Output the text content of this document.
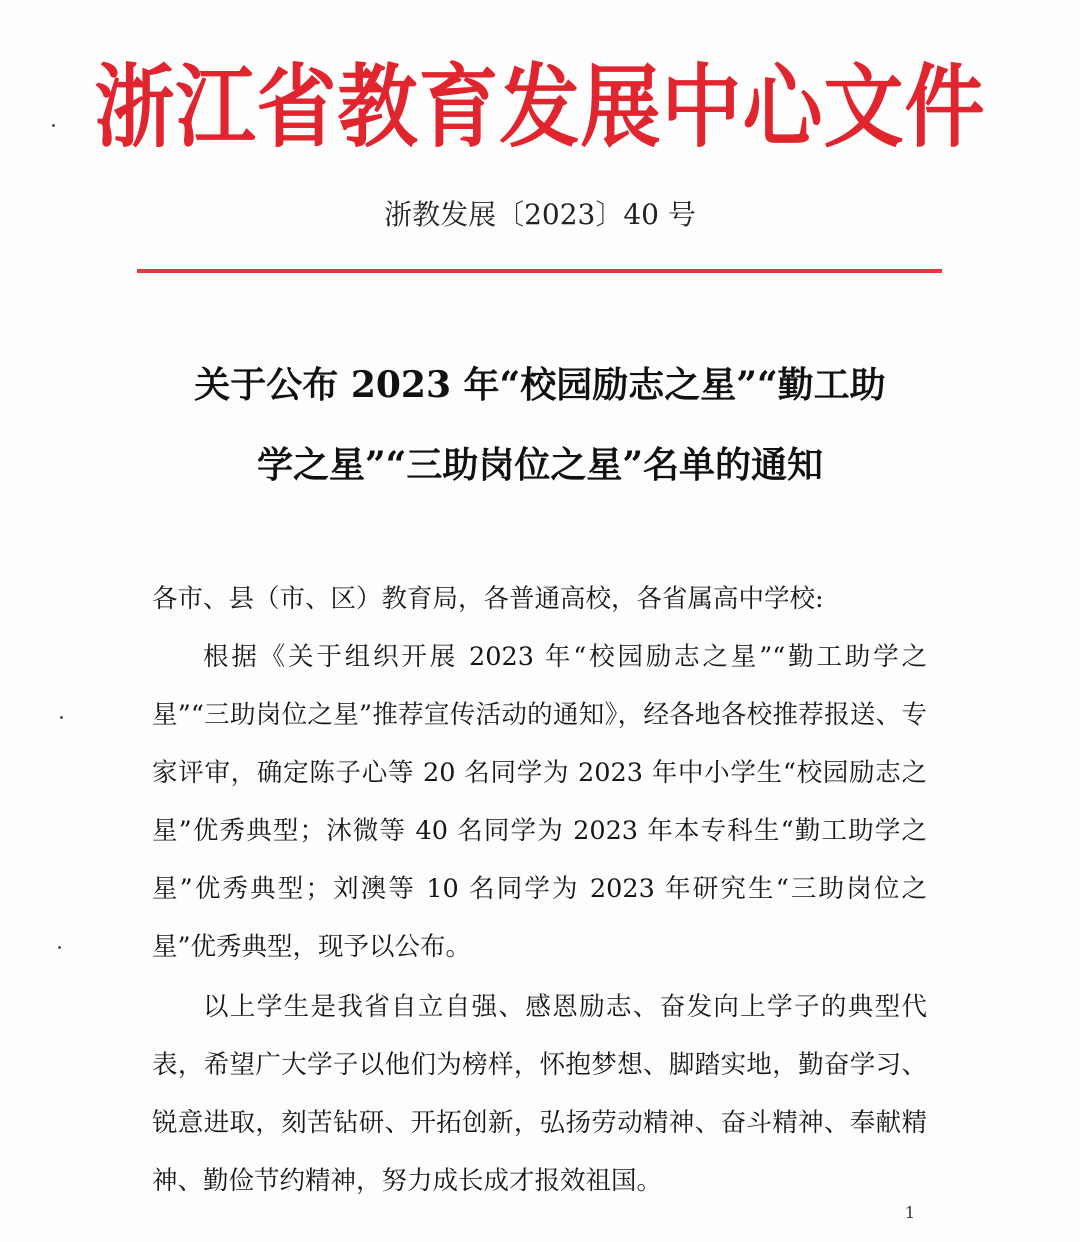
浙江省教育发展中心文件
浙教发展〔2023〕40 号
关于公布 2023 年“校园励志之星”“勤工助
学之星”“三助岗位之星”名单的通知

各市、县（市、区）教育局，各普通高校，各省属高中学校:

根据《关于组织开展 2023 年“校园励志之星”“勤工助学之星”“三助岗位之星”推荐宣传活动的通知》，经各地各校推荐报送、专家评审，确定陈子心等 20 名同学为 2023 年中小学生“校园励志之星”优秀典型；沐微等 40 名同学为 2023 年本专科生“勤工助学之星”优秀典型；刘澳等 10 名同学为 2023 年研究生“三助岗位之星”优秀典型，现予以公布。

以上学生是我省自立自强、感恩励志、奋发向上学子的典型代表，希望广大学子以他们为榜样，怀抱梦想、脚踏实地，勤奋学习、锐意进取，刻苦钻研、开拓创新，弘扬劳动精神、奋斗精神、奉献精神、勤俭节约精神，努力成长成才报效祖国。

1
